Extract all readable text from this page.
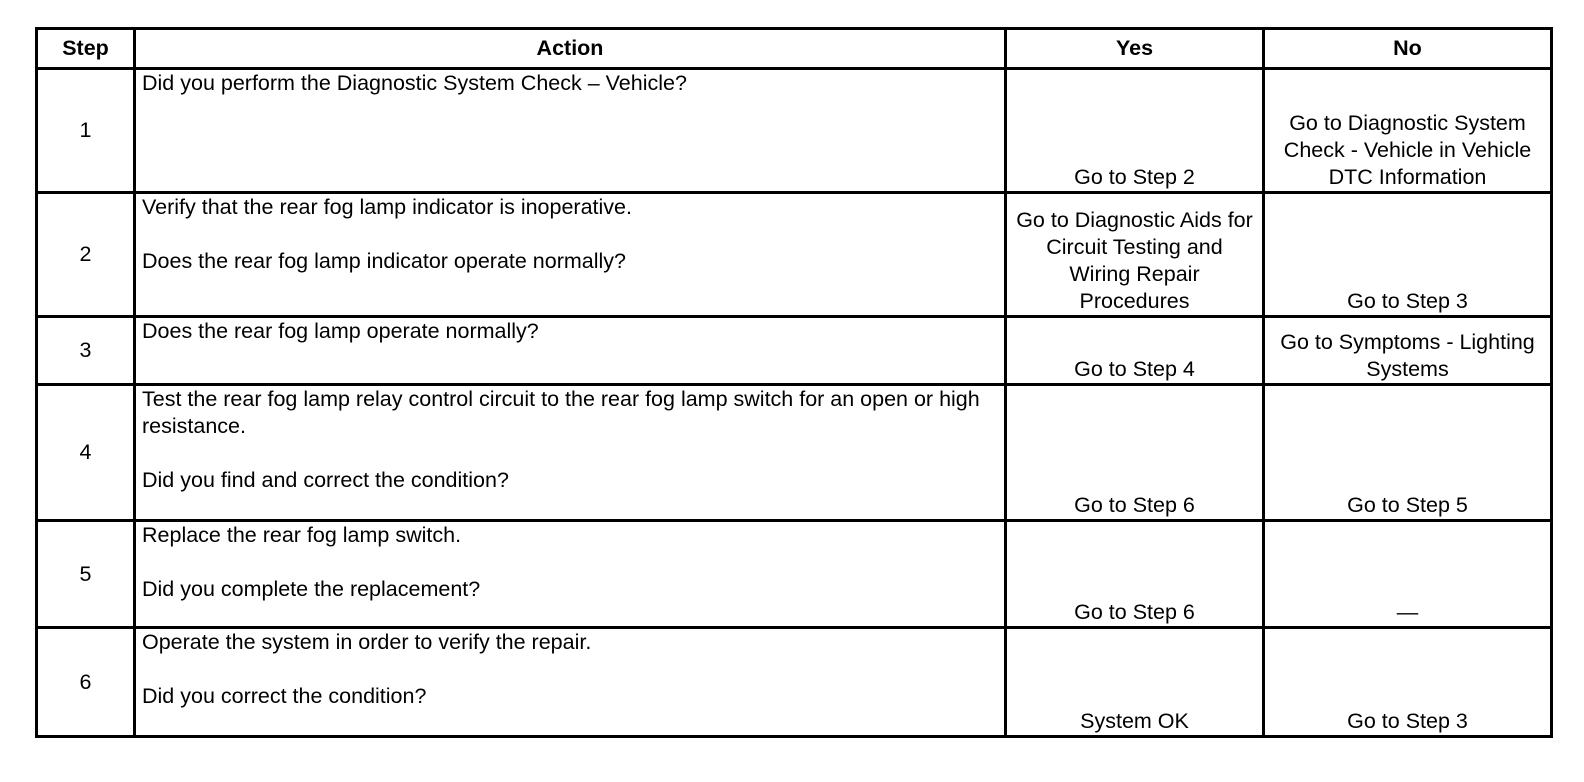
Step	Action	Yes	No
1	Did you perform the Diagnostic System Check – Vehicle?	Go to Step 2	Go to Diagnostic System Check - Vehicle in Vehicle DTC Information
2	Verify that the rear fog lamp indicator is inoperative.

Does the rear fog lamp indicator operate normally?	Go to Diagnostic Aids for Circuit Testing and Wiring Repair Procedures	Go to Step 3
3	Does the rear fog lamp operate normally?	Go to Step 4	Go to Symptoms - Lighting Systems
4	Test the rear fog lamp relay control circuit to the rear fog lamp switch for an open or high resistance.

Did you find and correct the condition?	Go to Step 6	Go to Step 5
5	Replace the rear fog lamp switch.

Did you complete the replacement?	Go to Step 6	—
6	Operate the system in order to verify the repair.

Did you correct the condition?	System OK	Go to Step 3
